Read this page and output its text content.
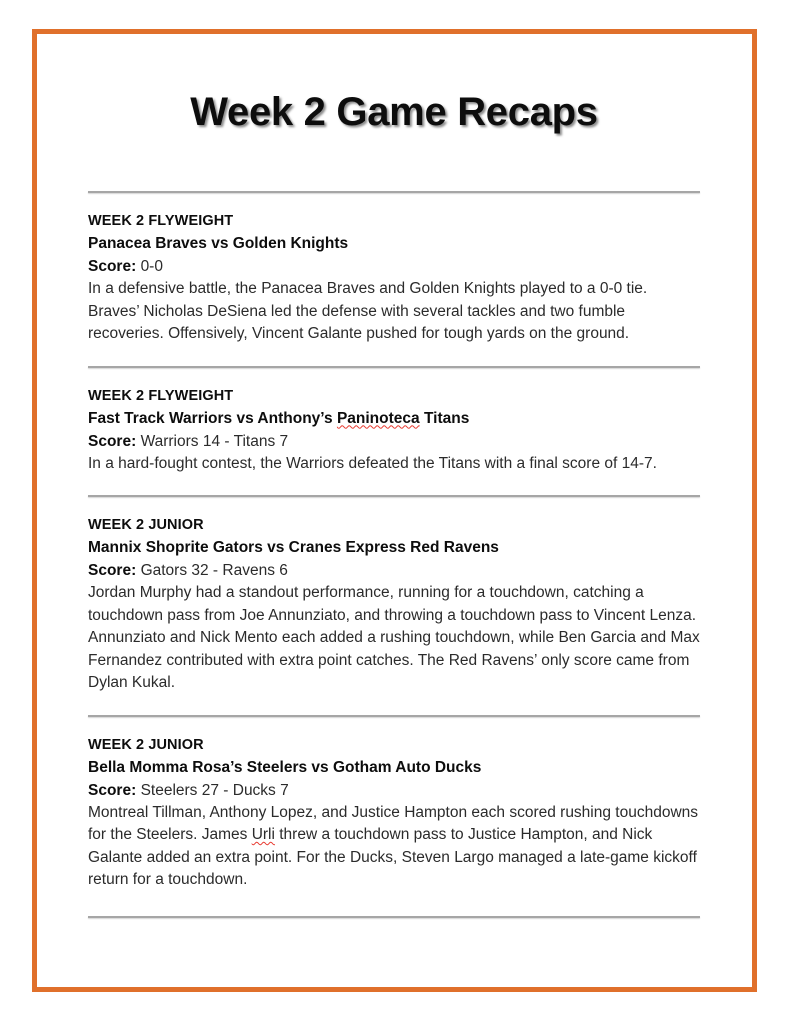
Week 2 Game Recaps
WEEK 2 FLYWEIGHT
Panacea Braves vs Golden Knights
Score: 0-0
In a defensive battle, the Panacea Braves and Golden Knights played to a 0-0 tie. Braves’ Nicholas DeSiena led the defense with several tackles and two fumble recoveries. Offensively, Vincent Galante pushed for tough yards on the ground.
WEEK 2 FLYWEIGHT
Fast Track Warriors vs Anthony’s Paninoteca Titans
Score: Warriors 14 - Titans 7
In a hard-fought contest, the Warriors defeated the Titans with a final score of 14-7.
WEEK 2 JUNIOR
Mannix Shoprite Gators vs Cranes Express Red Ravens
Score: Gators 32 - Ravens 6
Jordan Murphy had a standout performance, running for a touchdown, catching a touchdown pass from Joe Annunziato, and throwing a touchdown pass to Vincent Lenza. Annunziato and Nick Mento each added a rushing touchdown, while Ben Garcia and Max Fernandez contributed with extra point catches. The Red Ravens’ only score came from Dylan Kukal.
WEEK 2 JUNIOR
Bella Momma Rosa’s Steelers vs Gotham Auto Ducks
Score: Steelers 27 - Ducks 7
Montreal Tillman, Anthony Lopez, and Justice Hampton each scored rushing touchdowns for the Steelers. James Urli threw a touchdown pass to Justice Hampton, and Nick Galante added an extra point. For the Ducks, Steven Largo managed a late-game kickoff return for a touchdown.
